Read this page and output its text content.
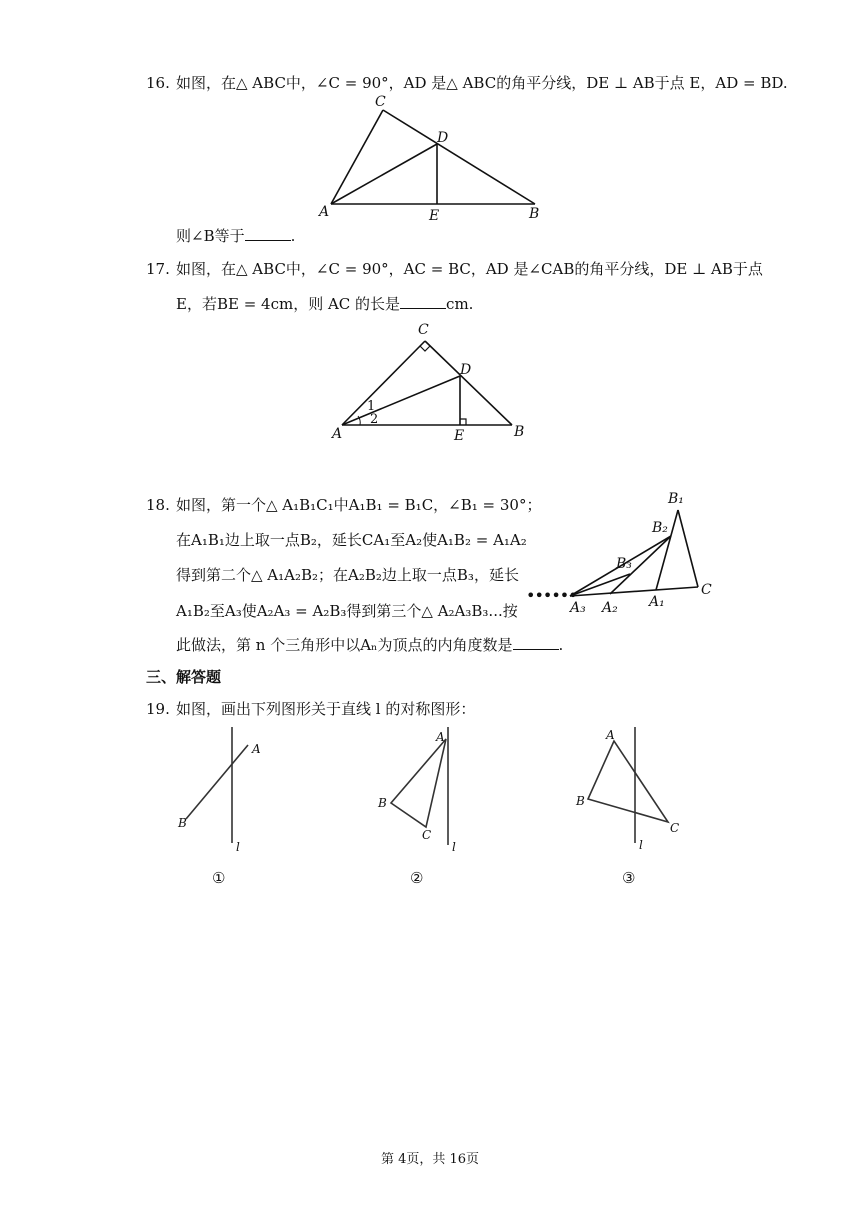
16. 如图，在△ ABC中，∠C = 90°，AD 是△ ABC的角平分线，DE ⊥ AB于点 E，AD = BD.
C
D
A	E	B
则∠B等于	.
17. 如图，在△ ABC中，∠C = 90°，AC = BC，AD 是∠CAB的角平分线，DE ⊥ AB于点
E，若BE = 4cm，则 AC 的长是	cm.
C
D
A	E	B
1
2
18. 如图，第一个△ A₁B₁C₁中A₁B₁ = B₁C，∠B₁ = 30°；
在A₁B₁边上取一点B₂，延长CA₁至A₂使A₁B₂ = A₁A₂
得到第二个△ A₁A₂B₂；在A₂B₂边上取一点B₃，延长
A₁B₂至A₃使A₂A₃ = A₂B₃得到第三个△ A₂A₃B₃...按
此做法，第 n 个三角形中以Aₙ为顶点的内角度数是	.
••••••
B₁
B₂
B₃
C
A₁
A₂
A₃
三、解答题
19. 如图，画出下列图形关于直线 l 的对称图形：
A
B
l
①
A
B
C
l
②
A
B
C
l
③
第 4页，共 16页
